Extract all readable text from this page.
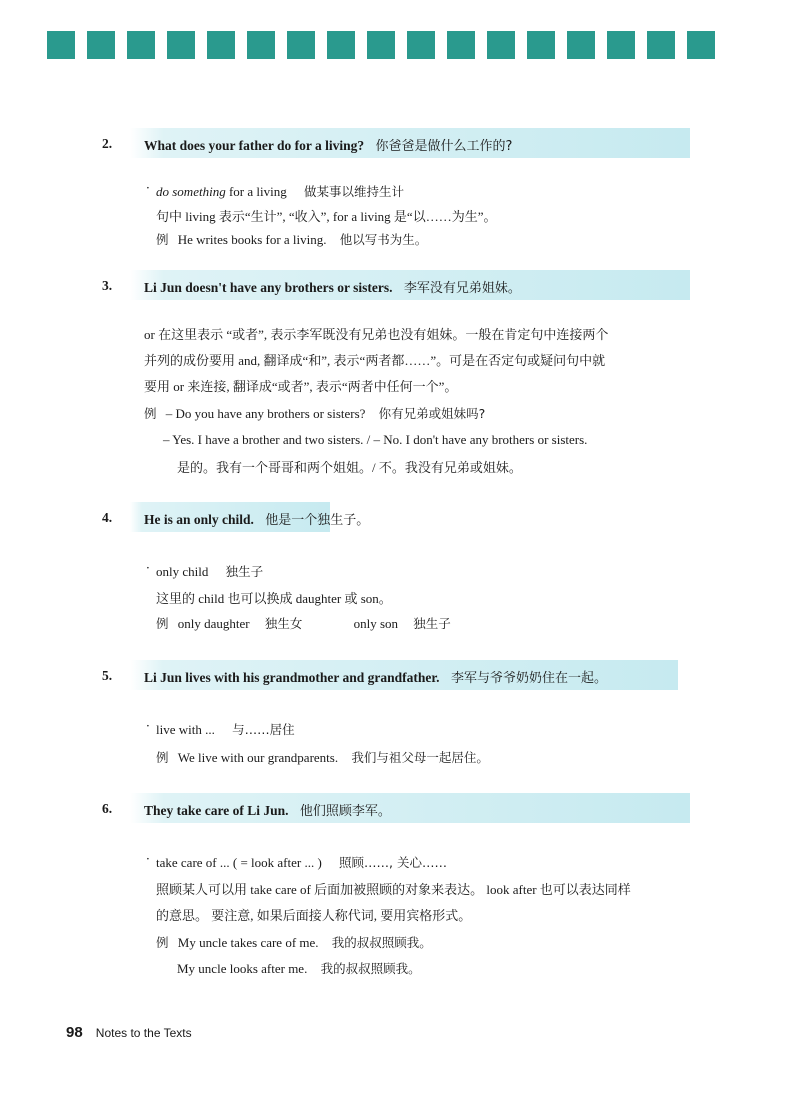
2. What does your father do for a living? 你爸爸是做什么工作的?
· do something for a living 做某事以维持生计
句中 living 表示“生计”, “收入”, for a living 是“以……为生”。
例 He writes books for a living. 他以写书为生。
3. Li Jun doesn't have any brothers or sisters. 李军没有兄弟姐妹。
or 在这里表示 “或者”, 表示李军既没有兄弟也没有姐妹。一般在肯定句中连接两个
并列的成份要用 and, 翻译成“和”, 表示“两者都……”。可是在否定句或疑问句中就
要用 or 来连接, 翻译成“或者”, 表示“两者中任何一个”。
例 – Do you have any brothers or sisters? 你有兄弟或姐妹吗?
– Yes. I have a brother and two sisters. / – No. I don't have any brothers or sisters.
是的。我有一个哥哥和两个姐姐。/ 不。我没有兄弟或姐妹。
4. He is an only child. 他是一个独生子。
· only child 独生子
这里的 child 也可以换成 daughter 或 son。
例 only daughter 独生女	only son 独生子
5. Li Jun lives with his grandmother and grandfather. 李军与爷爷奶奶住在一起。
· live with ... 与……居住
例 We live with our grandparents. 我们与祖父母一起居住。
6. They take care of Li Jun. 他们照顾李军。
· take care of ... ( = look after ... ) 照顾……, 关心……
照顾某人可以用 take care of 后面加被照顾的对象来表达。 look after 也可以表达同样
的意思。 要注意, 如果后面接人称代词, 要用宾格形式。
例 My uncle takes care of me. 我的叔叔照顾我。
My uncle looks after me. 我的叔叔照顾我。
98 Notes to the Texts
